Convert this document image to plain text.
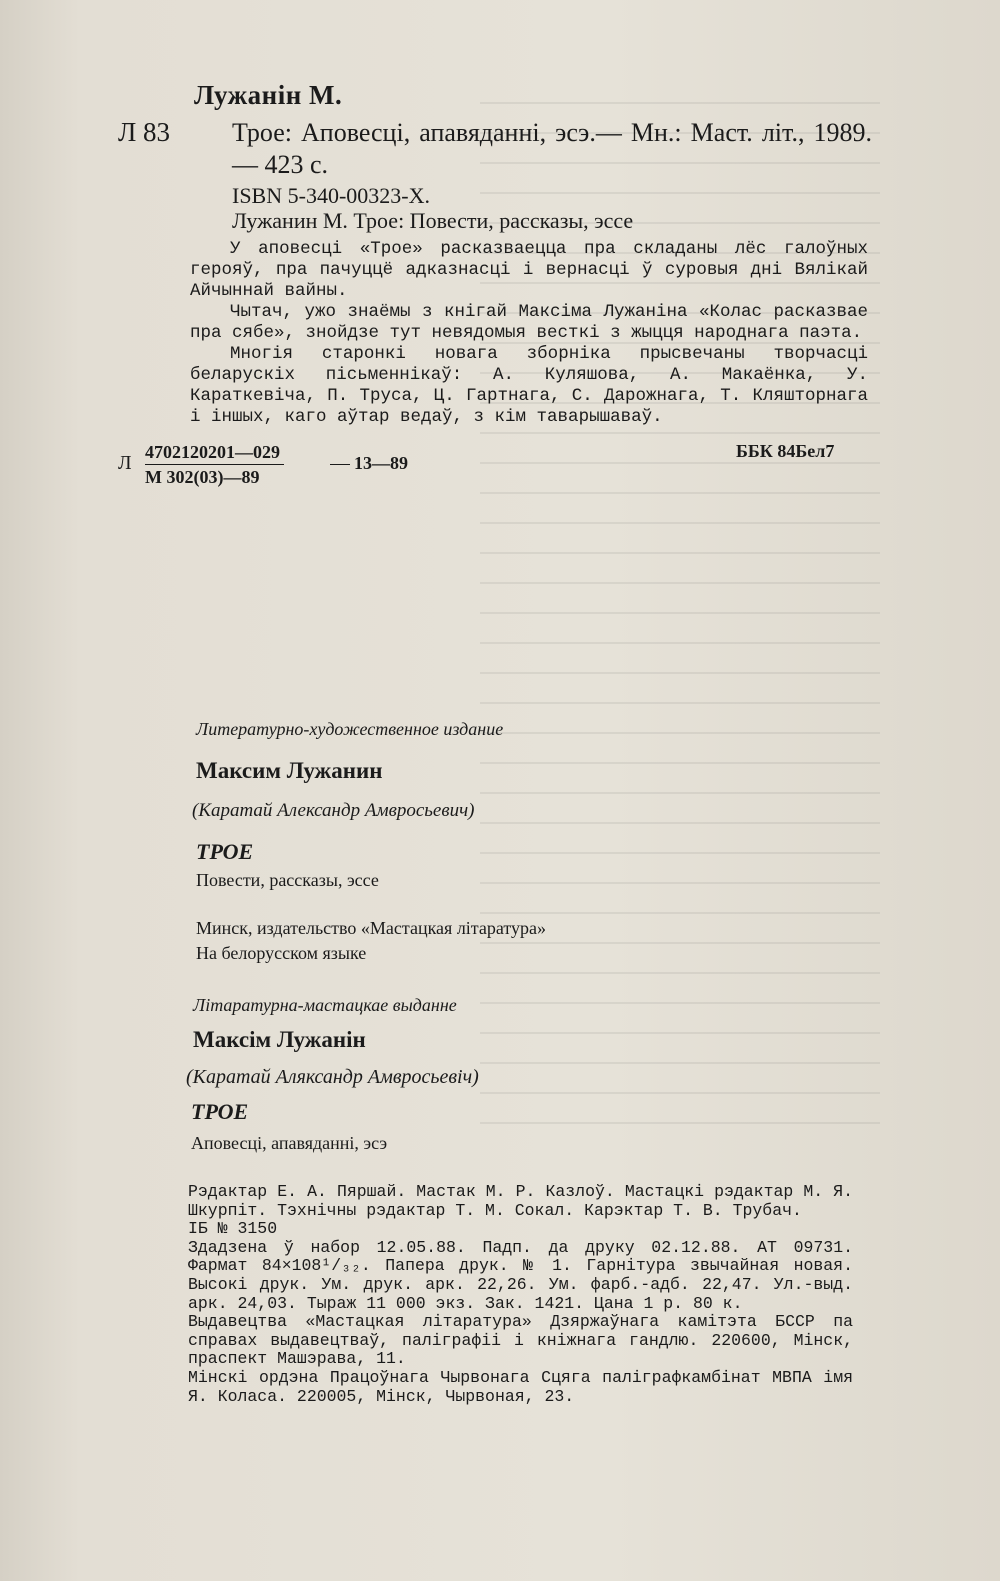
Лужанін М.
Л 83 Трое: Аповесці, апавяданні, эсэ.— Мн.: Маст. літ., 1989.— 423 с.
ISBN 5-340-00323-X.
Лужанин М. Трое: Повести, рассказы, эссе

У аповесці «Трое» расказваецца пра складаны лёс галоўных герояў, пра пачуццё адказнасці і вернасці ў суровыя дні Вялікай Айчыннай вайны.

Чытач, ужо знаёмы з кнігай Максіма Лужаніна «Колас расказвае пра сябе», знойдзе тут невядомыя весткі з жыцця народнага паэта.

Многія старонкі новага зборніка прысвечаны творчасці беларускіх пісьменнікаў: А. Куляшова, А. Макаёнка, У. Караткевіча, П. Труса, Ц. Гартнага, С. Дарожнага, Т. Кляшторнага і іншых, каго аўтар ведаў, з кім таварышаваў.

Л 4702120201—029
М 302(03)—89
13—89
ББК 84Бел7
Литературно-художественное издание
Максим Лужанин
(Каратай Александр Амвросьевич)
ТРОЕ
Повести, рассказы, эссе
Минск, издательство «Мастацкая літаратура»
На белорусском языке
Літаратурна-мастацкае выданне
Максім Лужанін
(Каратай Аляксандр Амвросьевіч)
ТРОЕ
Аповесці, апавяданні, эсэ

Рэдактар Е. А. Пяршай. Мастак М. Р. Казлоў. Мастацкі рэдактар М. Я. Шкурпіт. Тэхнічны рэдактар Т. М. Сокал. Карэктар Т. В. Трубач.

ІБ № 3150

Здадзена ў набор 12.05.88. Падп. да друку 02.12.88. АТ 09731. Фармат 84×108¹/₃₂. Папера друк. № 1. Гарнітура звычайная новая. Высокі друк. Ум. друк. арк. 22,26. Ум. фарб.-адб. 22,47. Ул.-выд. арк. 24,03. Тыраж 11 000 экз. Зак. 1421. Цана 1 р. 80 к.

Выдавецтва «Мастацкая літаратура» Дзяржаўнага камітэта БССР па справах выдавецтваў, паліграфіі і кніжнага гандлю. 220600, Мінск, праспект Машэрава, 11.

Мінскі ордэна Працоўнага Чырвонага Сцяга паліграфкамбінат МВПА імя Я. Коласа. 220005, Мінск, Чырвоная, 23.
